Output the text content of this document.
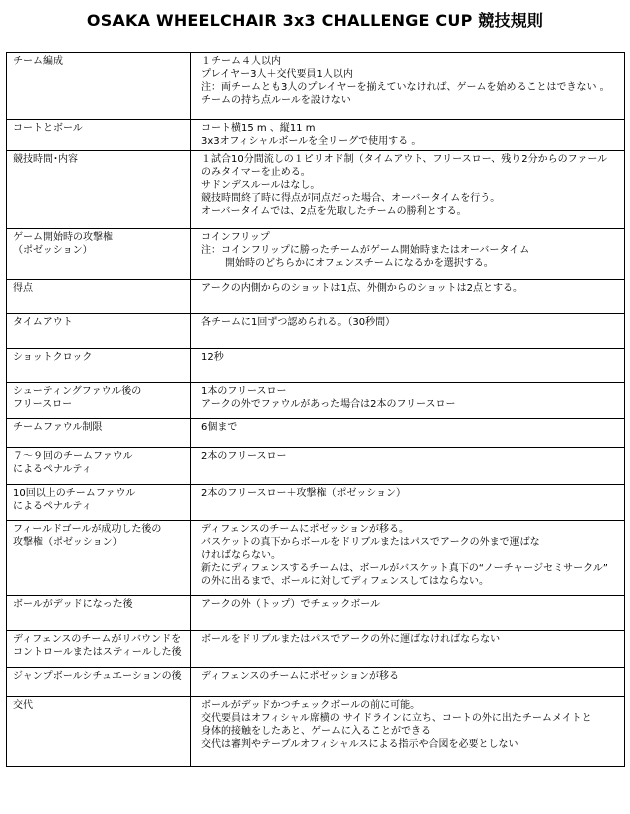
OSAKA WHEELCHAIR 3x3 CHALLENGE CUP 競技規則
チーム編成	１チーム４人以内
プレイヤー3人＋交代要員1人以内
注：両チームとも3人のプレイヤーを揃えていなければ、ゲームを始めることはできない 。
チームの持ち点ルールを設けない

コートとボール	コート横15 m 、縦11 m
3x3オフィシャルボールを全リーグで使用する 。

競技時間･内容	１試合10分間流しの１ピリオド制（タイムアウト、フリースロー、残り2分からのファール
のみタイマーを止める。
サドンデスルールはなし。
競技時間終了時に得点が同点だった場合、オーバータイムを行う。
オーバータイムでは、2点を先取したチームの勝利とする。

ゲーム開始時の攻撃権
（ポゼッション）	コインフリップ
注：コインフリップに勝ったチームがゲーム開始時またはオーバータイム
開始時のどちらかにオフェンスチームになるかを選択する。

得点	アークの内側からのショットは1点、外側からのショットは2点とする。

タイムアウト	各チームに1回ずつ認められる。（30秒間）

ショットクロック	12秒

シューティングファウル後の
フリースロー	1本のフリースロー
アークの外でファウルがあった場合は2本のフリースロー

チームファウル制限	6個まで

７～９回のチームファウル
によるペナルティ	2本のフリースロー

10回以上のチームファウル
によるペナルティ	2本のフリースロー＋攻撃権（ポゼッション）

フィールドゴールが成功した後の
攻撃権（ポゼッション）	ディフェンスのチームにポゼッションが移る。
バスケットの真下からボールをドリブルまたはパスでアークの外まで運ばな
ければならない。
新たにディフェンスするチームは、ボールがバスケット真下の“ノーチャージセミサークル”
の外に出るまで、ボールに対してディフェンスしてはならない。

ボールがデッドになった後	アークの外（トップ）でチェックボール

ディフェンスのチームがリバウンドを
コントロールまたはスティールした後	ボールをドリブルまたはパスでアークの外に運ばなければならない

ジャンプボールシチュエーションの後	ディフェンスのチームにポゼッションが移る

交代	ボールがデッドかつチェックボールの前に可能。
交代要員はオフィシャル席横の サイドラインに立ち、コートの外に出たチームメイトと
身体的接触をしたあと、ゲームに入ることができる
交代は審判やテーブルオフィシャルスによる指示や合図を必要としない
